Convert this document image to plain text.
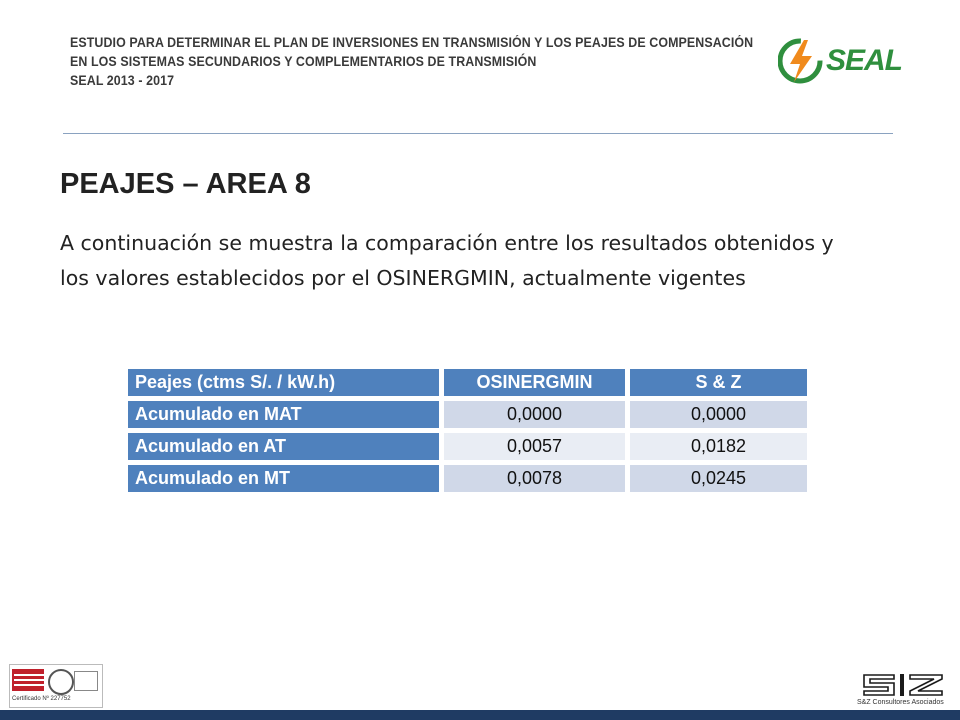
ESTUDIO PARA DETERMINAR EL PLAN DE INVERSIONES EN TRANSMISIÓN Y LOS PEAJES DE COMPENSACIÓN
EN LOS SISTEMAS SECUNDARIOS Y COMPLEMENTARIOS DE TRANSMISIÓN
SEAL 2013 - 2017
SEAL
PEAJES – AREA 8

A continuación se muestra la comparación entre los resultados obtenidos y los valores establecidos por el OSINERGMIN, actualmente vigentes

Peajes (ctms S/. / kW.h)	OSINERGMIN	S & Z
Acumulado en MAT	0,0000	0,0000
Acumulado en AT	0,0057	0,0182
Acumulado en MT	0,0078	0,0245
Certificado Nº 227752	S&Z Consultores Asociados
